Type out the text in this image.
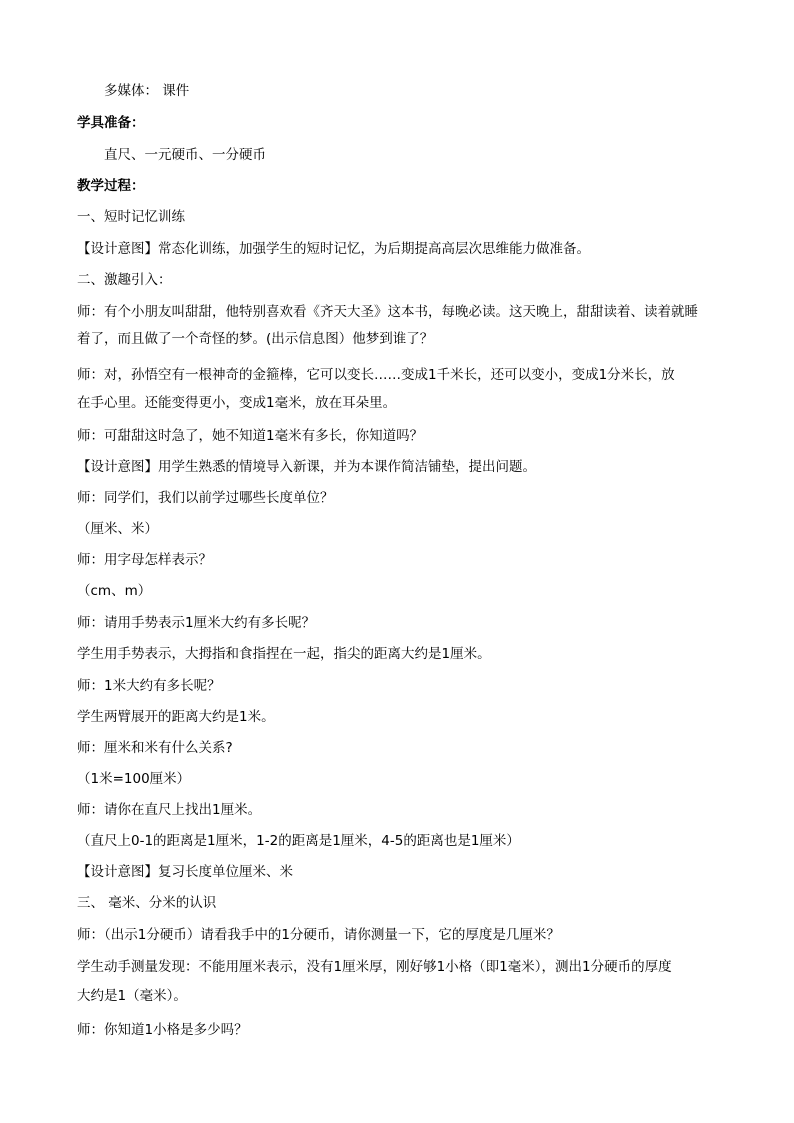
多媒体： 课件
学具准备：
直尺、一元硬币、一分硬币
教学过程：
一、短时记忆训练
【设计意图】常态化训练，加强学生的短时记忆，为后期提高高层次思维能力做准备。
二、激趣引入：
师：有个小朋友叫甜甜，他特别喜欢看《齐天大圣》这本书，每晚必读。这天晚上，甜甜读着、读着就睡
着了，而且做了一个奇怪的梦。(出示信息图）他梦到谁了？
师：对，孙悟空有一根神奇的金箍棒，它可以变长……变成1千米长，还可以变小，变成1分米长，放
在手心里。还能变得更小，变成1毫米，放在耳朵里。
师：可甜甜这时急了，她不知道1毫米有多长，你知道吗？
【设计意图】用学生熟悉的情境导入新课，并为本课作简洁铺垫，提出问题。
师：同学们，我们以前学过哪些长度单位？
（厘米、米）
师：用字母怎样表示？
（cm、m）
师：请用手势表示1厘米大约有多长呢？
学生用手势表示，大拇指和食指捏在一起，指尖的距离大约是1厘米。
师：1米大约有多长呢？
学生两臂展开的距离大约是1米。
师：厘米和米有什么关系?
（1米=100厘米）
师：请你在直尺上找出1厘米。
（直尺上0-1的距离是1厘米，1-2的距离是1厘米，4-5的距离也是1厘米）
【设计意图】复习长度单位厘米、米
三、 毫米、分米的认识
师：（出示1分硬币）请看我手中的1分硬币，请你测量一下，它的厚度是几厘米？
学生动手测量发现：不能用厘米表示，没有1厘米厚，刚好够1小格（即1毫米），测出1分硬币的厚度
大约是1（毫米）。
师：你知道1小格是多少吗？
